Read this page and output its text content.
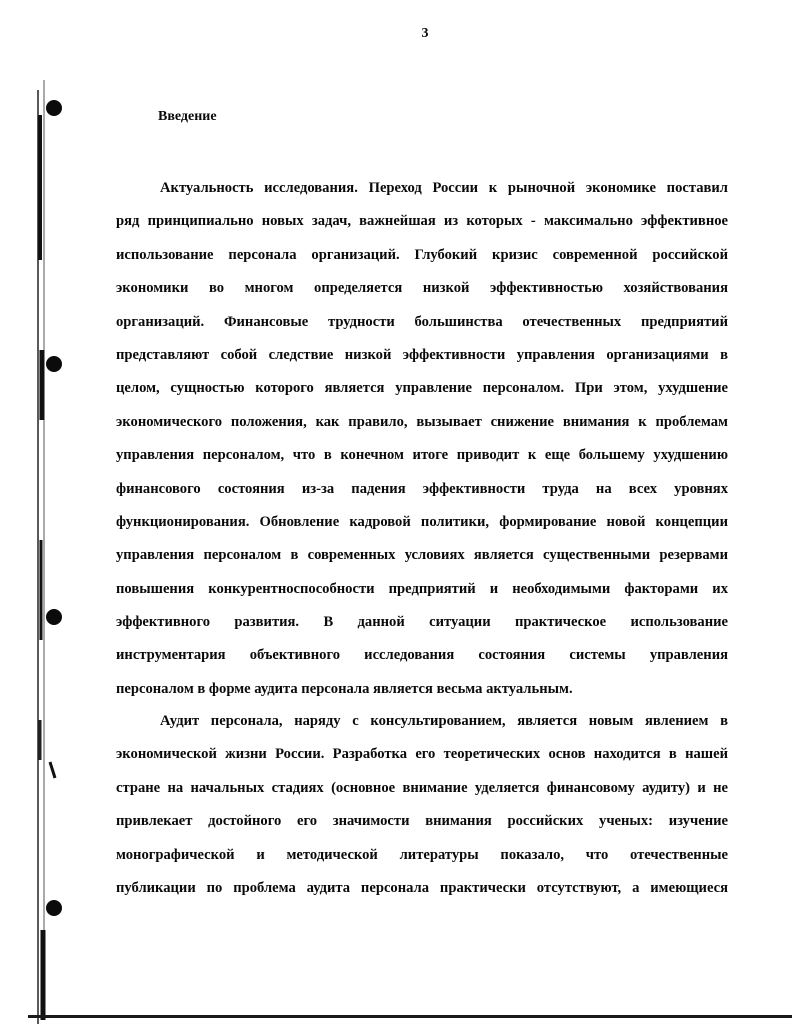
3
Введение
Актуальность исследования. Переход России к рыночной экономике поставил
ряд принципиально новых задач, важнейшая из которых - максимально эффективное
использование персонала организаций. Глубокий кризис современной российской
экономики во многом определяется низкой эффективностью хозяйствования
организаций. Финансовые трудности большинства отечественных предприятий
представляют собой следствие низкой эффективности управления организациями в
целом, сущностью которого является управление персоналом. При этом, ухудшение
экономического положения, как правило, вызывает снижение внимания к проблемам
управления персоналом, что в конечном итоге приводит к еще большему ухудшению
финансового состояния из-за падения эффективности труда на всех уровнях
функционирования. Обновление кадровой политики, формирование новой концепции
управления персоналом в современных условиях является существенными резервами
повышения конкурентноспособности предприятий и необходимыми факторами их
эффективного развития. В данной ситуации практическое использование
инструментария объективного исследования состояния системы управления
персоналом в форме аудита персонала является весьма актуальным.
Аудит персонала, наряду с консультированием, является новым явлением в
экономической жизни России. Разработка его теоретических основ находится в нашей
стране на начальных стадиях (основное внимание уделяется финансовому аудиту) и не
привлекает достойного его значимости внимания российских ученых: изучение
монографической и методической литературы показало, что отечественные
публикации по проблема аудита персонала практически отсутствуют, а имеющиеся
